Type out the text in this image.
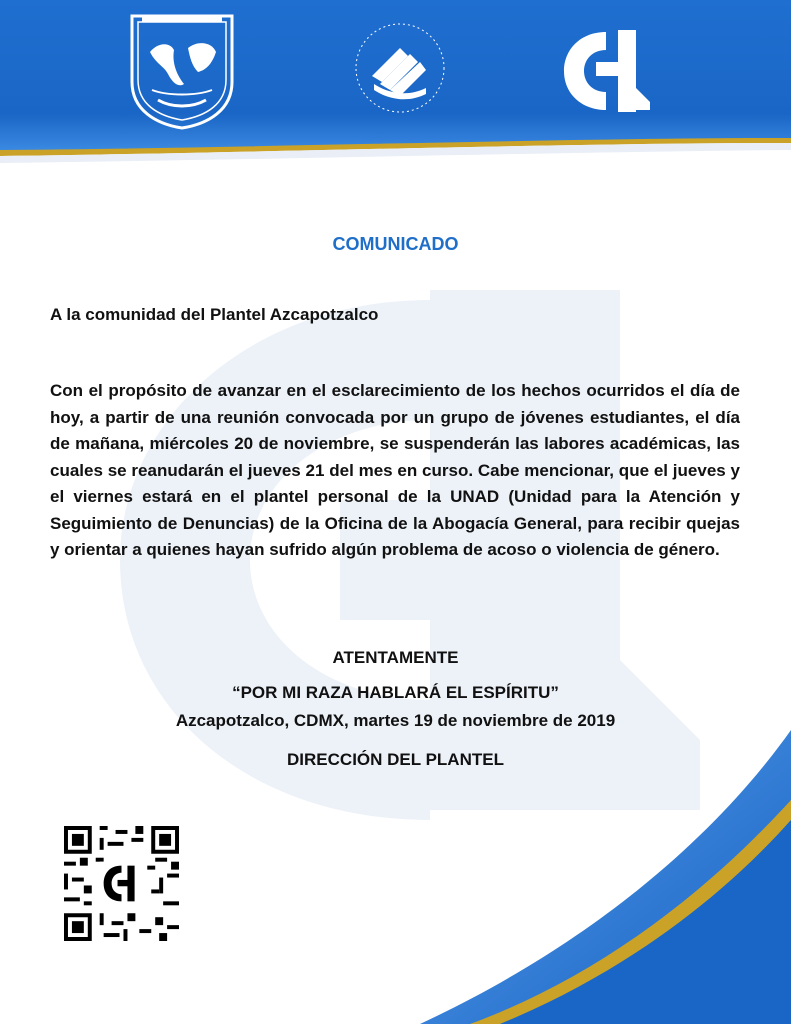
COMUNICADO
A la comunidad del Plantel Azcapotzalco
Con el propósito de avanzar en el esclarecimiento de los hechos ocurridos el día de hoy, a partir de una reunión convocada por un grupo de jóvenes estudiantes, el día de mañana, miércoles 20 de noviembre, se suspenderán las labores académicas, las cuales se reanudarán el jueves 21 del mes en curso. Cabe mencionar, que el jueves y el viernes estará en el plantel personal de la UNAD (Unidad para la Atención y Seguimiento de Denuncias) de la Oficina de la Abogacía General, para recibir quejas y orientar a quienes hayan sufrido algún problema de acoso o violencia de género.
ATENTAMENTE
“POR MI RAZA HABLARÁ EL ESPÍRITU”
Azcapotzalco, CDMX, martes 19 de noviembre de 2019
DIRECCIÓN DEL PLANTEL
